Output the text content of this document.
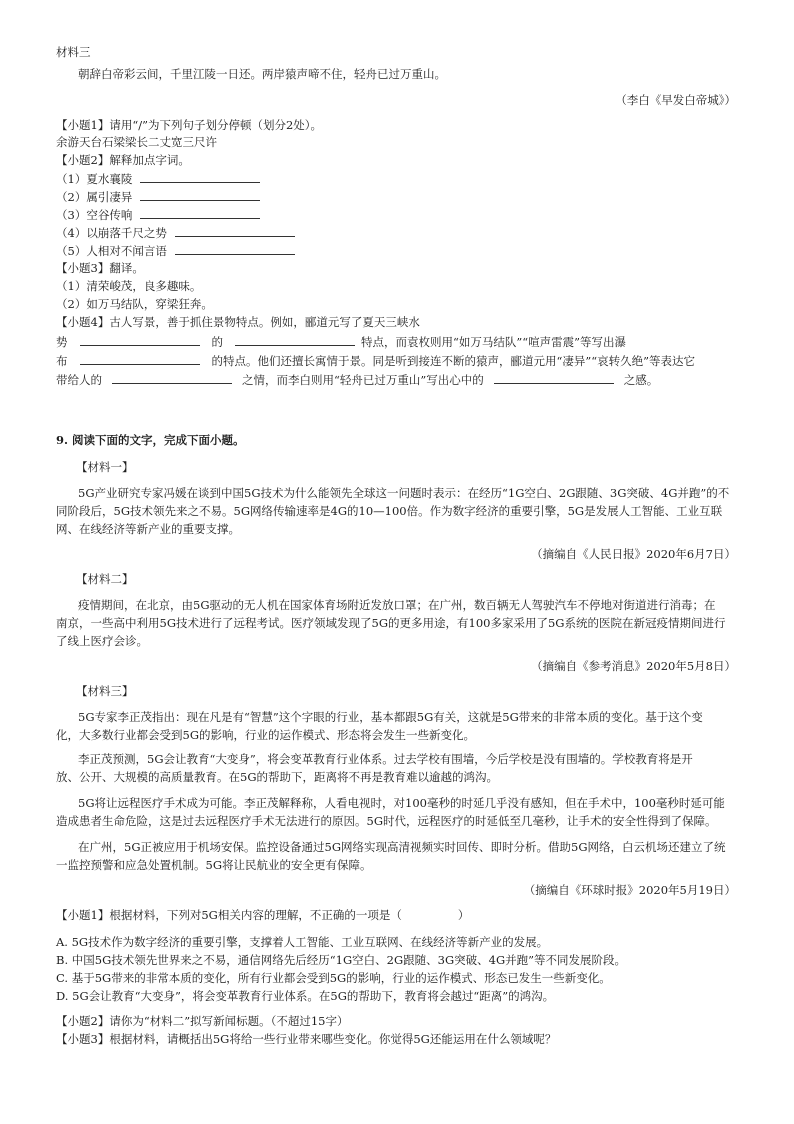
材料三
朝辞白帝彩云间，千里江陵一日还。两岸猿声啼不住，轻舟已过万重山。
（李白《早发白帝城》）
【小题1】请用“/”为下列句子划分停顿（划分2处）。
余游天台石梁梁长二丈宽三尺许
【小题2】解释加点字词。
（1）夏水襄陵
（2）属引凄异
（3）空谷传响
（4）以崩落千尺之势
（5）人相对不闻言语
【小题3】翻译。
（1）清荣峻茂，良多趣味。
（2）如万马结队，穿梁狂奔。
【小题4】古人写景，善于抓住景物特点。例如，郦道元写了夏天三峡水
势	的	特点，而袁枚则用“如万马结队”“喧声雷震”等写出瀑
布	的特点。他们还擅长寓情于景。同是听到接连不断的猿声，郦道元用“凄异”“哀转久绝”等表达它
带给人的	之情，而李白则用“轻舟已过万重山”写出心中的	之感。
9. 阅读下面的文字，完成下面小题。
【材料一】
5G产业研究专家冯媛在谈到中国5G技术为什么能领先全球这一问题时表示：在经历“1G空白、2G跟随、3G突破、4G并跑”的不
同阶段后，5G技术领先来之不易。5G网络传输速率是4G的10—100倍。作为数字经济的重要引擎，5G是发展人工智能、工业互联
网、在线经济等新产业的重要支撑。
（摘编自《人民日报》2020年6月7日）
【材料二】
疫情期间，在北京，由5G驱动的无人机在国家体育场附近发放口罩；在广州，数百辆无人驾驶汽车不停地对街道进行消毒；在
南京，一些高中利用5G技术进行了远程考试。医疗领域发现了5G的更多用途，有100多家采用了5G系统的医院在新冠疫情期间进行
了线上医疗会诊。
（摘编自《参考消息》2020年5月8日）
【材料三】
5G专家李正茂指出：现在凡是有“智慧”这个字眼的行业，基本都跟5G有关，这就是5G带来的非常本质的变化。基于这个变
化，大多数行业都会受到5G的影响，行业的运作模式、形态将会发生一些新变化。
李正茂预测，5G会让教育“大变身”，将会变革教育行业体系。过去学校有围墙，今后学校是没有围墙的。学校教育将是开
放、公开、大规模的高质量教育。在5G的帮助下，距离将不再是教育难以逾越的鸿沟。
5G将让远程医疗手术成为可能。李正茂解释称，人看电视时，对100毫秒的时延几乎没有感知，但在手术中，100毫秒时延可能
造成患者生命危险，这是过去远程医疗手术无法进行的原因。5G时代，远程医疗的时延低至几毫秒，让手术的安全性得到了保障。
在广州，5G正被应用于机场安保。监控设备通过5G网络实现高清视频实时回传、即时分析。借助5G网络，白云机场还建立了统
一监控预警和应急处置机制。5G将让民航业的安全更有保障。
（摘编自《环球时报》2020年5月19日）
【小题1】根据材料，下列对5G相关内容的理解，不正确的一项是（	）
A. 5G技术作为数字经济的重要引擎，支撑着人工智能、工业互联网、在线经济等新产业的发展。
B. 中国5G技术领先世界来之不易，通信网络先后经历“1G空白、2G跟随、3G突破、4G并跑”等不同发展阶段。
C. 基于5G带来的非常本质的变化，所有行业都会受到5G的影响，行业的运作模式、形态已发生一些新变化。
D. 5G会让教育“大变身”，将会变革教育行业体系。在5G的帮助下，教育将会越过“距离”的鸿沟。
【小题2】请你为“材料二”拟写新闻标题。（不超过15字）
【小题3】根据材料，请概括出5G将给一些行业带来哪些变化。你觉得5G还能运用在什么领域呢？
